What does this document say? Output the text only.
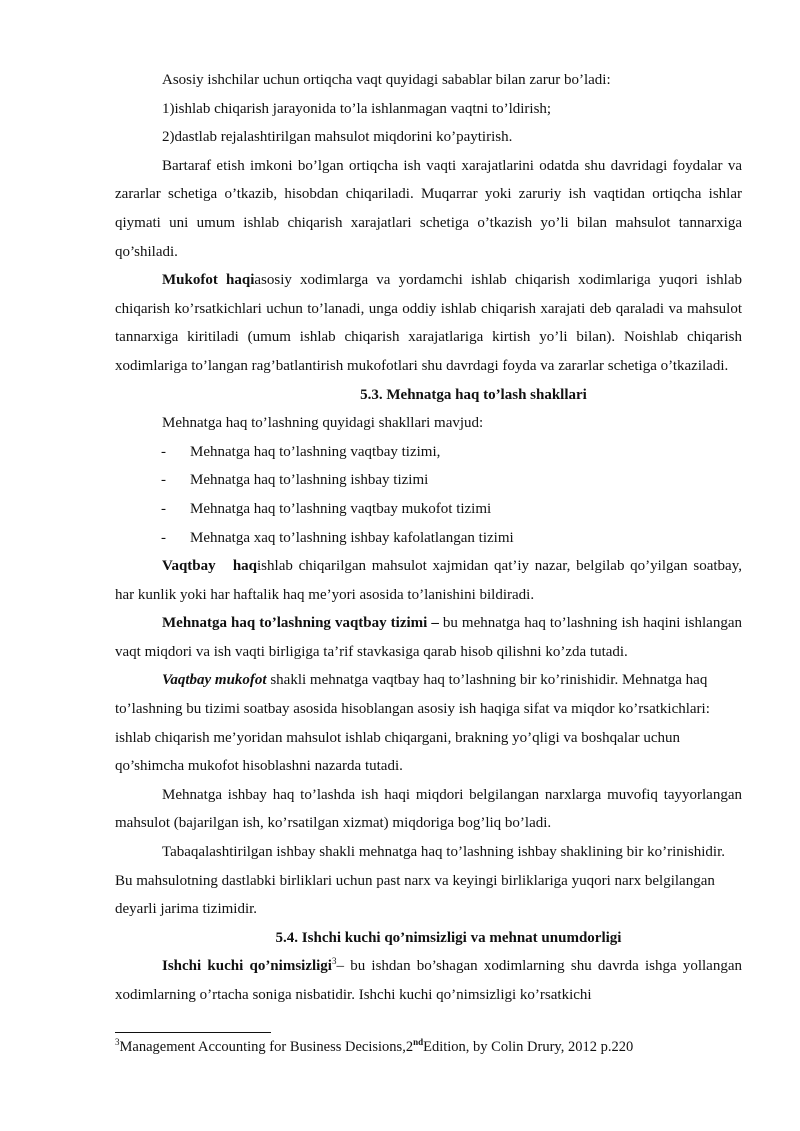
Asosiy ishchilar uchun ortiqcha vaqt quyidagi sabablar bilan zarur bo’ladi:

1)ishlab chiqarish jarayonida to’la ishlanmagan vaqtni to’ldirish;

2)dastlab rejalashtirilgan mahsulot miqdorini ko’paytirish.

Bartaraf etish imkoni bo’lgan ortiqcha ish vaqti xarajatlarini odatda shu davridagi foydalar va zararlar schetiga o’tkazib, hisobdan chiqariladi. Muqarrar yoki zaruriy ish vaqtidan ortiqcha ishlar qiymati uni umum ishlab chiqarish xarajatlari schetiga o’tkazish yo’li bilan mahsulot tannarxiga qo’shiladi.

Mukofot haqiasosiy xodimlarga va yordamchi ishlab chiqarish xodimlariga yuqori ishlab chiqarish ko’rsatkichlari uchun to’lanadi, unga oddiy ishlab chiqarish xarajati deb qaraladi va mahsulot tannarxiga kiritiladi (umum ishlab chiqarish xarajatlariga kirtish yo’li bilan). Noishlab chiqarish xodimlariga to’langan rag’batlantirish mukofotlari shu davrdagi foyda va zararlar schetiga o’tkaziladi.

5.3. Mehnatga haq to’lash shakllari

Mehnatga haq to’lashning quyidagi shakllari mavjud:

- Mehnatga haq to’lashning vaqtbay tizimi,

- Mehnatga haq to’lashning ishbay tizimi

- Mehnatga haq to’lashning vaqtbay mukofot tizimi

- Mehnatga xaq to’lashning ishbay kafolatlangan tizimi

Vaqtbay   haqishlab chiqarilgan mahsulot xajmidan qat’iy nazar, belgilab qo’yilgan soatbay, har kunlik yoki har haftalik haq me’yori asosida to’lanishini bildiradi.

Mehnatga haq to’lashning vaqtbay tizimi – bu mehnatga haq to’lashning ish haqini ishlangan vaqt miqdori va ish vaqti birligiga ta’rif stavkasiga qarab hisob qilishni ko’zda tutadi.

Vaqtbay mukofot shakli mehnatga vaqtbay haq to’lashning bir ko’rinishidir. Mehnatga haq to’lashning bu tizimi soatbay asosida hisoblangan asosiy ish haqiga sifat va miqdor ko’rsatkichlari: ishlab chiqarish me’yoridan mahsulot ishlab chiqargani, brakning yo’qligi va boshqalar uchun qo’shimcha mukofot hisoblashni nazarda tutadi.

Mehnatga ishbay haq to’lashda ish haqi miqdori belgilangan narxlarga muvofiq tayyorlangan mahsulot (bajarilgan ish, ko’rsatilgan xizmat) miqdoriga bog’liq bo’ladi.

Tabaqalashtirilgan ishbay shakli mehnatga haq to’lashning ishbay shaklining bir ko’rinishidir. Bu mahsulotning dastlabki birliklari uchun past narx va keyingi birliklariga yuqori narx belgilangan deyarli jarima tizimidir.

5.4. Ishchi kuchi qo’nimsizligi va mehnat unumdorligi

Ishchi kuchi qo’nimsizligi$^3$– bu ishdan bo’shagan xodimlarning shu davrda ishga yollangan xodimlarning o’rtacha soniga nisbatidir. Ishchi kuchi qo’nimsizligi ko’rsatkichi

$^3$Management Accounting for Business Decisions,2ndEdition, by Colin Drury, 2012 p.220
